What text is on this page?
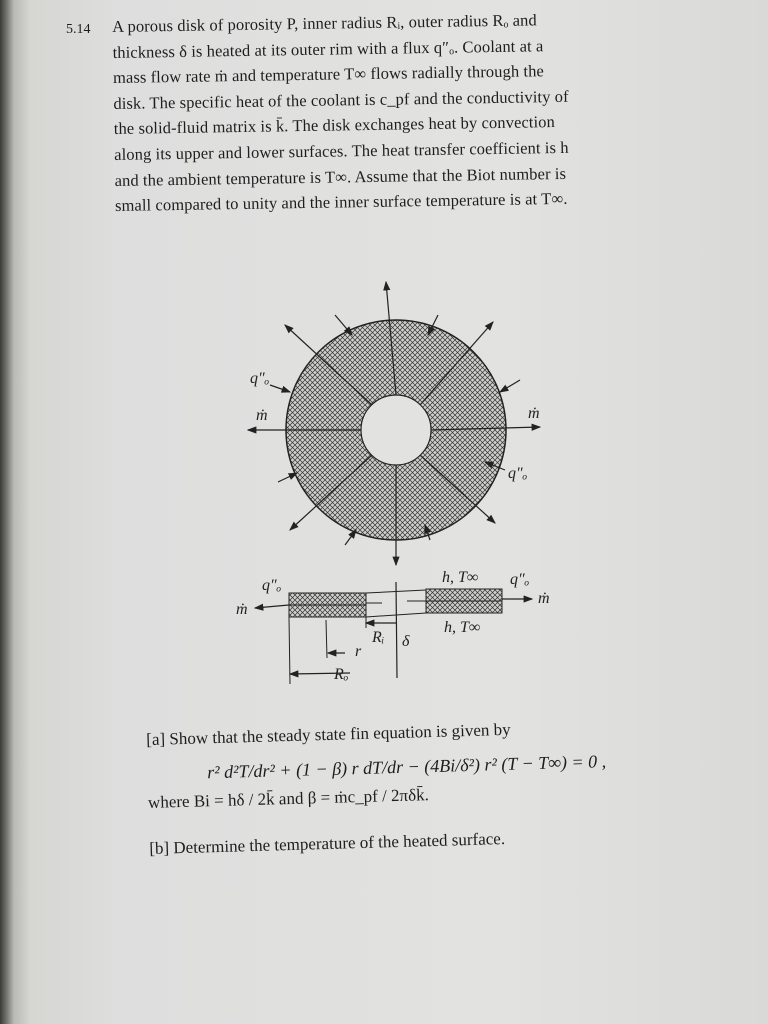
5.14 A porous disk of porosity P, inner radius Rᵢ, outer radius Rₒ and
thickness δ is heated at its outer rim with a flux q″ₒ. Coolant at a
mass flow rate ṁ and temperature T∞ flows radially through the
disk. The specific heat of the coolant is c_pf and the conductivity of
the solid-fluid matrix is k̄. The disk exchanges heat by convection
along its upper and lower surfaces. The heat transfer coefficient is h
and the ambient temperature is T∞. Assume that the Biot number is
small compared to unity and the inner surface temperature is at T∞.
q″ₒ
ṁ	ṁ
q″ₒ
q″ₒ
ṁ
h, T∞ q″ₒ
ṁ
h, T∞
Rᵢ
r
δ
Rₒ
[a] Show that the steady state fin equation is given by
r² d²T/dr² + (1 − β) r dT/dr − (4Bi/δ²) r² (T − T∞) = 0 ,
where Bi = hδ / 2k̄ and β = ṁc_pf / 2πδk̄.
[b] Determine the temperature of the heated surface.
